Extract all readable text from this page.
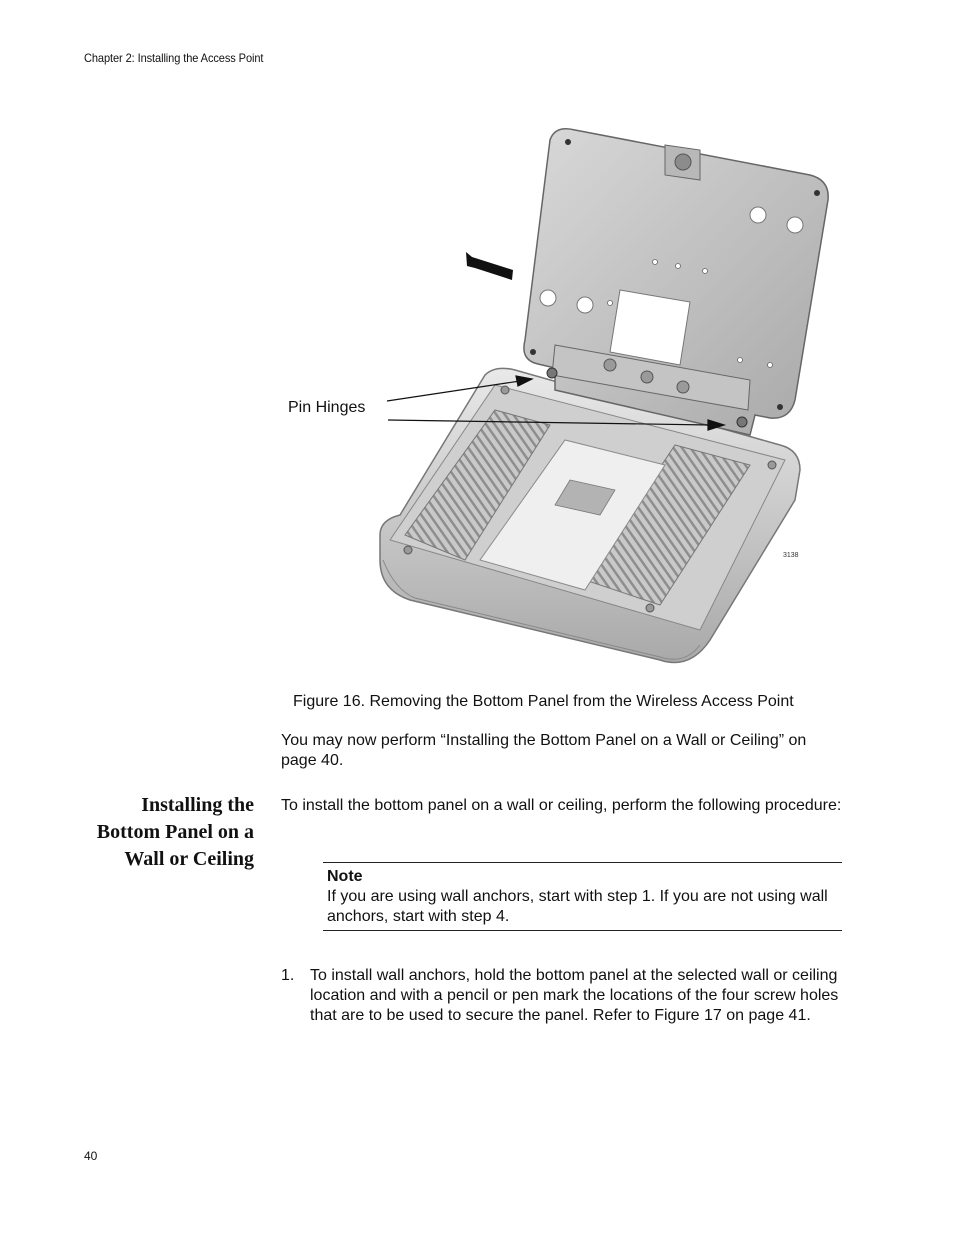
Chapter 2: Installing the Access Point
Pin Hinges
3138
Figure 16. Removing the Bottom Panel from the Wireless Access Point
You may now perform “Installing the Bottom Panel on a Wall or Ceiling” on page 40.
Installing the Bottom Panel on a Wall or Ceiling
To install the bottom panel on a wall or ceiling, perform the following procedure:
Note
If you are using wall anchors, start with step 1. If you are not using wall anchors, start with step 4.
1. To install wall anchors, hold the bottom panel at the selected wall or ceiling location and with a pencil or pen mark the locations of the four screw holes that are to be used to secure the panel. Refer to Figure 17 on page 41.
40
